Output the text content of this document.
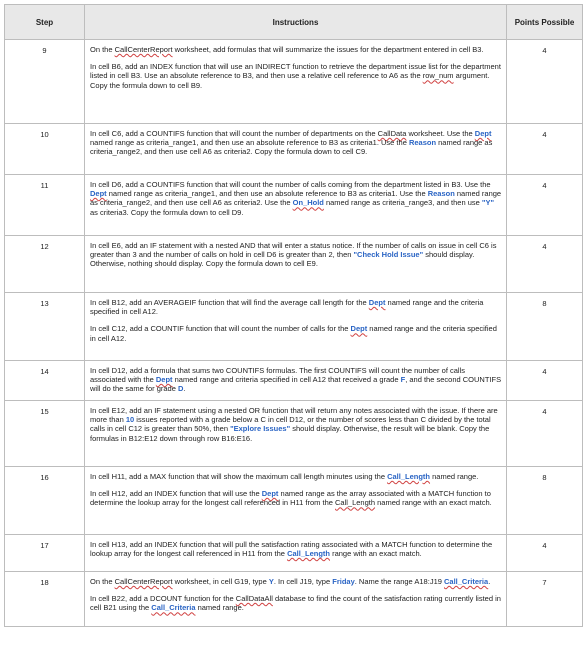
Step	Instructions	Points Possible
9	On the CallCenterReport worksheet, add formulas that will summarize the issues for the department entered in cell B3.

In cell B6, add an INDEX function that will use an INDIRECT function to retrieve the department issue list for the department listed in cell B3. Use an absolute reference to B3, and then use a relative cell reference to A6 as the row_num argument. Copy the formula down to cell B9.	4
10	In cell C6, add a COUNTIFS function that will count the number of departments on the CallData worksheet. Use the Dept named range as criteria_range1, and then use an absolute reference to B3 as criteria1. Use the Reason named range as criteria_range2, and then use cell A6 as criteria2. Copy the formula down to cell C9.	4
11	In cell D6, add a COUNTIFS function that will count the number of calls coming from the department listed in B3. Use the Dept named range as criteria_range1, and then use an absolute reference to B3 as criteria1. Use the Reason named range as criteria_range2, and then use cell A6 as criteria2. Use the On_Hold named range as criteria_range3, and then use "Y" as criteria3. Copy the formula down to cell D9.	4
12	In cell E6, add an IF statement with a nested AND that will enter a status notice. If the number of calls on issue in cell C6 is greater than 3 and the number of calls on hold in cell D6 is greater than 2, then "Check Hold Issue" should display. Otherwise, nothing should display. Copy the formula down to cell E9.	4
13	In cell B12, add an AVERAGEIF function that will find the average call length for the Dept named range and the criteria specified in cell A12.

In cell C12, add a COUNTIF function that will count the number of calls for the Dept named range and the criteria specified in cell A12.	8
14	In cell D12, add a formula that sums two COUNTIFS formulas. The first COUNTIFS will count the number of calls associated with the Dept named range and criteria specified in cell A12 that received a grade F, and the second COUNTIFS will do the same for grade D.	4
15	In cell E12, add an IF statement using a nested OR function that will return any notes associated with the issue. If there are more than 10 issues reported with a grade below a C in cell D12, or the number of scores less than C divided by the total calls in cell C12 is greater than 50%, then "Explore Issues" should display. Otherwise, the result will be blank. Copy the formulas in B12:E12 down through row B16:E16.	4
16	In cell H11, add a MAX function that will show the maximum call length minutes using the Call_Length named range.

In cell H12, add an INDEX function that will use the Dept named range as the array associated with a MATCH function to determine the lookup array for the longest call referenced in H11 from the Call_Length named range with an exact match.	8
17	In cell H13, add an INDEX function that will pull the satisfaction rating associated with a MATCH function to determine the lookup array for the longest call referenced in H11 from the Call_Length range with an exact match.	4
18	On the CallCenterReport worksheet, in cell G19, type Y. In cell J19, type Friday. Name the range A18:J19 Call_Criteria.

In cell B22, add a DCOUNT function for the CallDataAll database to find the count of the satisfaction rating currently listed in cell B21 using the Call_Criteria named range.	7
